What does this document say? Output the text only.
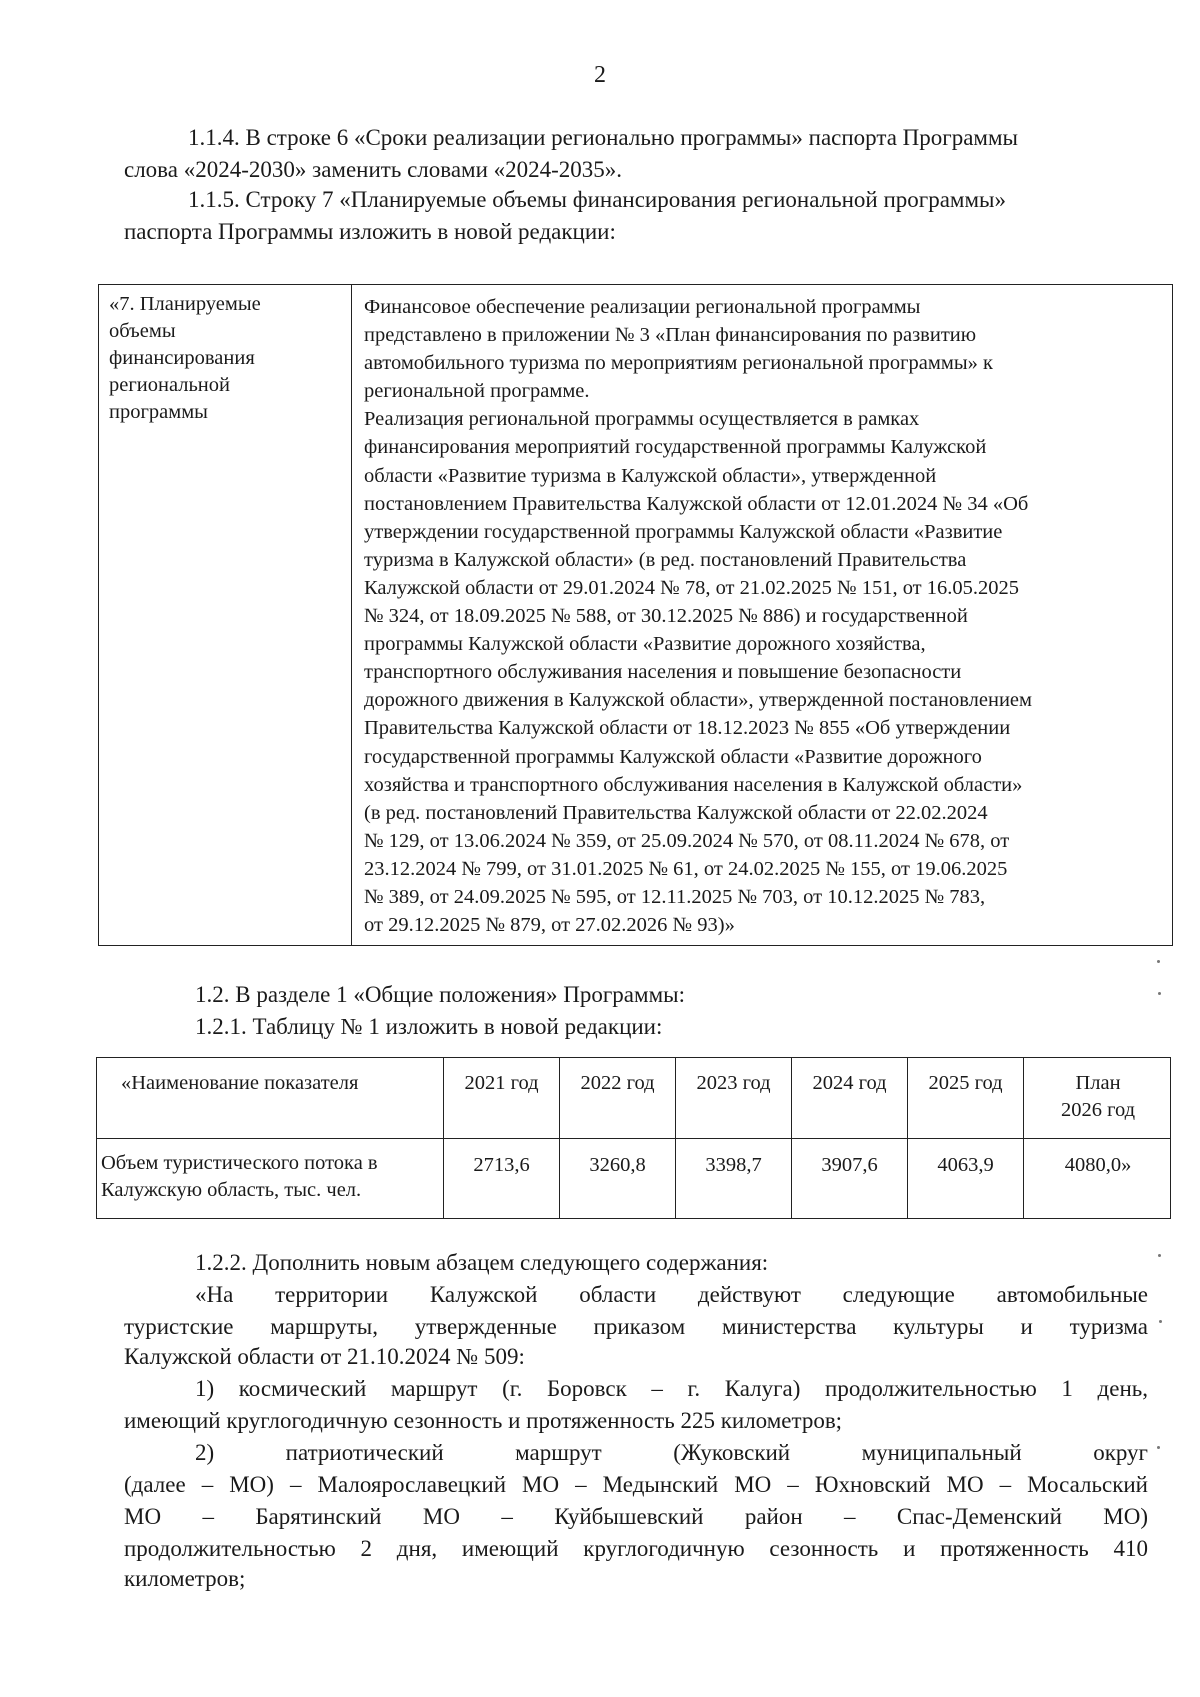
2

1.1.4. В строке 6 «Сроки реализации регионально программы» паспорта Программы

слова «2024-2030» заменить словами «2024-2035».

1.1.5. Строку 7 «Планируемые объемы финансирования региональной программы»

паспорта Программы изложить в новой редакции:

«7. Планируемые
объемы
финансирования
региональной
программы

Финансовое обеспечение реализации региональной программы

представлено в приложении № 3 «План финансирования по развитию

автомобильного туризма по мероприятиям региональной программы» к

региональной программе.

Реализация региональной программы осуществляется в рамках

финансирования мероприятий государственной программы Калужской

области «Развитие туризма в Калужской области», утвержденной

постановлением Правительства Калужской области от 12.01.2024 № 34 «Об

утверждении государственной программы Калужской области «Развитие

туризма в Калужской области» (в ред. постановлений Правительства

Калужской области от 29.01.2024 № 78, от 21.02.2025 № 151, от 16.05.2025

№ 324, от 18.09.2025 № 588, от 30.12.2025 № 886) и государственной

программы Калужской области «Развитие дорожного хозяйства,

транспортного обслуживания населения и повышение безопасности

дорожного движения в Калужской области», утвержденной постановлением

Правительства Калужской области от 18.12.2023 № 855 «Об утверждении

государственной программы Калужской области «Развитие дорожного

хозяйства и транспортного обслуживания населения в Калужской области»

(в ред. постановлений Правительства Калужской области от 22.02.2024

№ 129, от 13.06.2024 № 359, от 25.09.2024 № 570, от 08.11.2024 № 678, от

23.12.2024 № 799, от 31.01.2025 № 61, от 24.02.2025 № 155, от 19.06.2025

№ 389, от 24.09.2025 № 595, от 12.11.2025 № 703, от 10.12.2025 № 783,

от 29.12.2025 № 879, от 27.02.2026 № 93)»

1.2. В разделе 1 «Общие положения» Программы:

1.2.1. Таблицу № 1 изложить в новой редакции:

«Наименование показателя
Объем туристического потока в
Калужскую область, тыс. чел.
2021 год
2713,6
2022 год
3260,8
2023 год
3398,7
2024 год
3907,6
2025 год
4063,9
План
2026 год
4080,0»

1.2.2. Дополнить новым абзацем следующего содержания:

«На территории Калужской области действуют следующие автомобильные

туристские маршруты, утвержденные приказом министерства культуры и туризма

Калужской области от 21.10.2024 № 509:

1) космический маршрут (г. Боровск – г. Калуга) продолжительностью 1 день,

имеющий круглогодичную сезонность и протяженность 225 километров;

2) патриотический маршрут (Жуковский муниципальный округ

(далее – МО) – Малоярославецкий МО – Медынский МО – Юхновский МО – Мосальский

МО – Барятинский МО – Куйбышевский район – Спас-Деменский МО)

продолжительностью 2 дня, имеющий круглогодичную сезонность и протяженность 410

километров;
